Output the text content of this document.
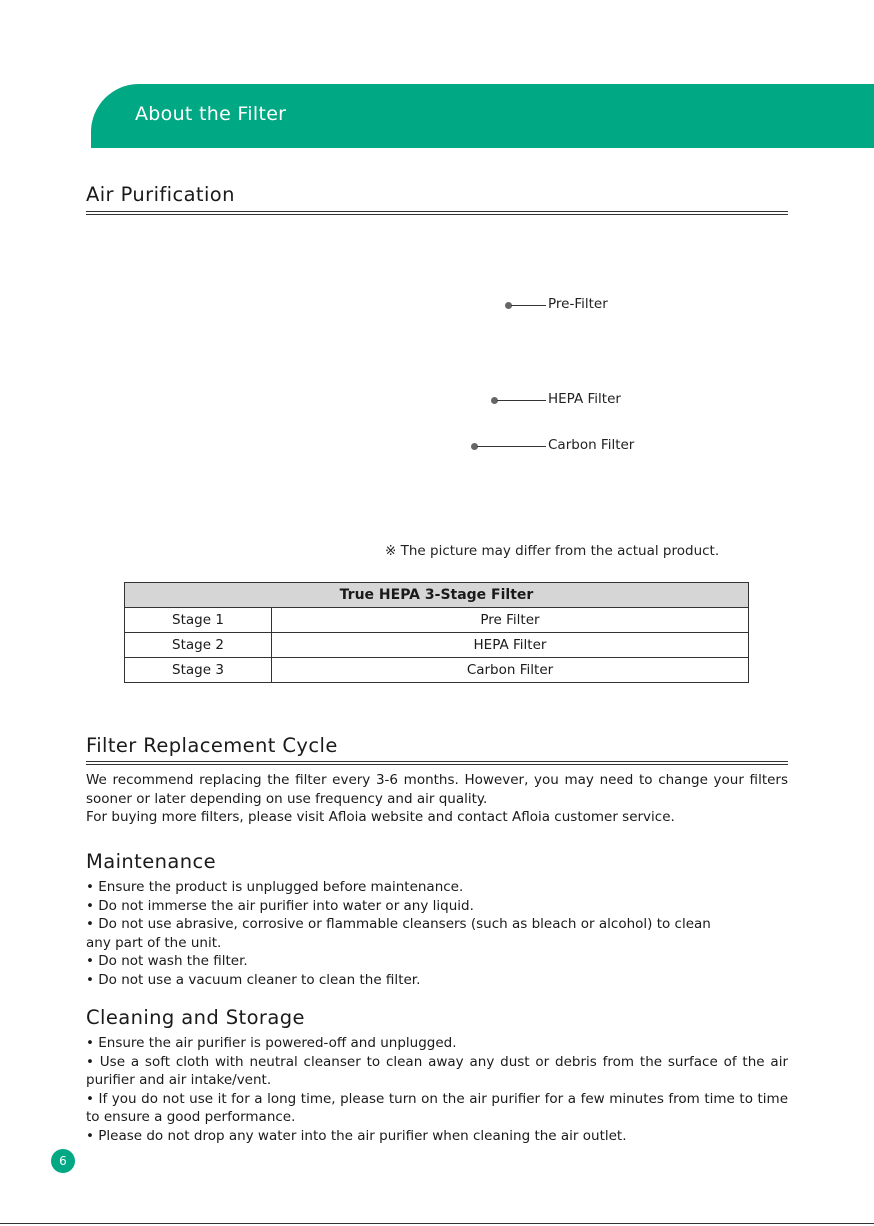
About the Filter
Air Purification
Pre-Filter
HEPA Filter
Carbon Filter
※ The picture may differ from the actual product.
True HEPA 3-Stage Filter	
Stage 1	Pre Filter
Stage 2	HEPA Filter
Stage 3	Carbon Filter
Filter Replacement Cycle

We recommend replacing the filter every 3-6 months. However, you may need to change your filters sooner or later depending on use frequency and air quality.

For buying more filters, please visit Afloia website and contact Afloia customer service.

Maintenance

• Ensure the product is unplugged before maintenance.

• Do not immerse the air purifier into water or any liquid.

• Do not use abrasive, corrosive or flammable cleansers (such as bleach or alcohol) to clean any part of the unit.

• Do not wash the filter.

• Do not use a vacuum cleaner to clean the filter.

Cleaning and Storage

• Ensure the air purifier is powered-off and unplugged.

• Use a soft cloth with neutral cleanser to clean away any dust or debris from the surface of the air purifier and air intake/vent.

• If you do not use it for a long time, please turn on the air purifier for a few minutes from time to time to ensure a good performance.

• Please do not drop any water into the air purifier when cleaning the air outlet.

6
